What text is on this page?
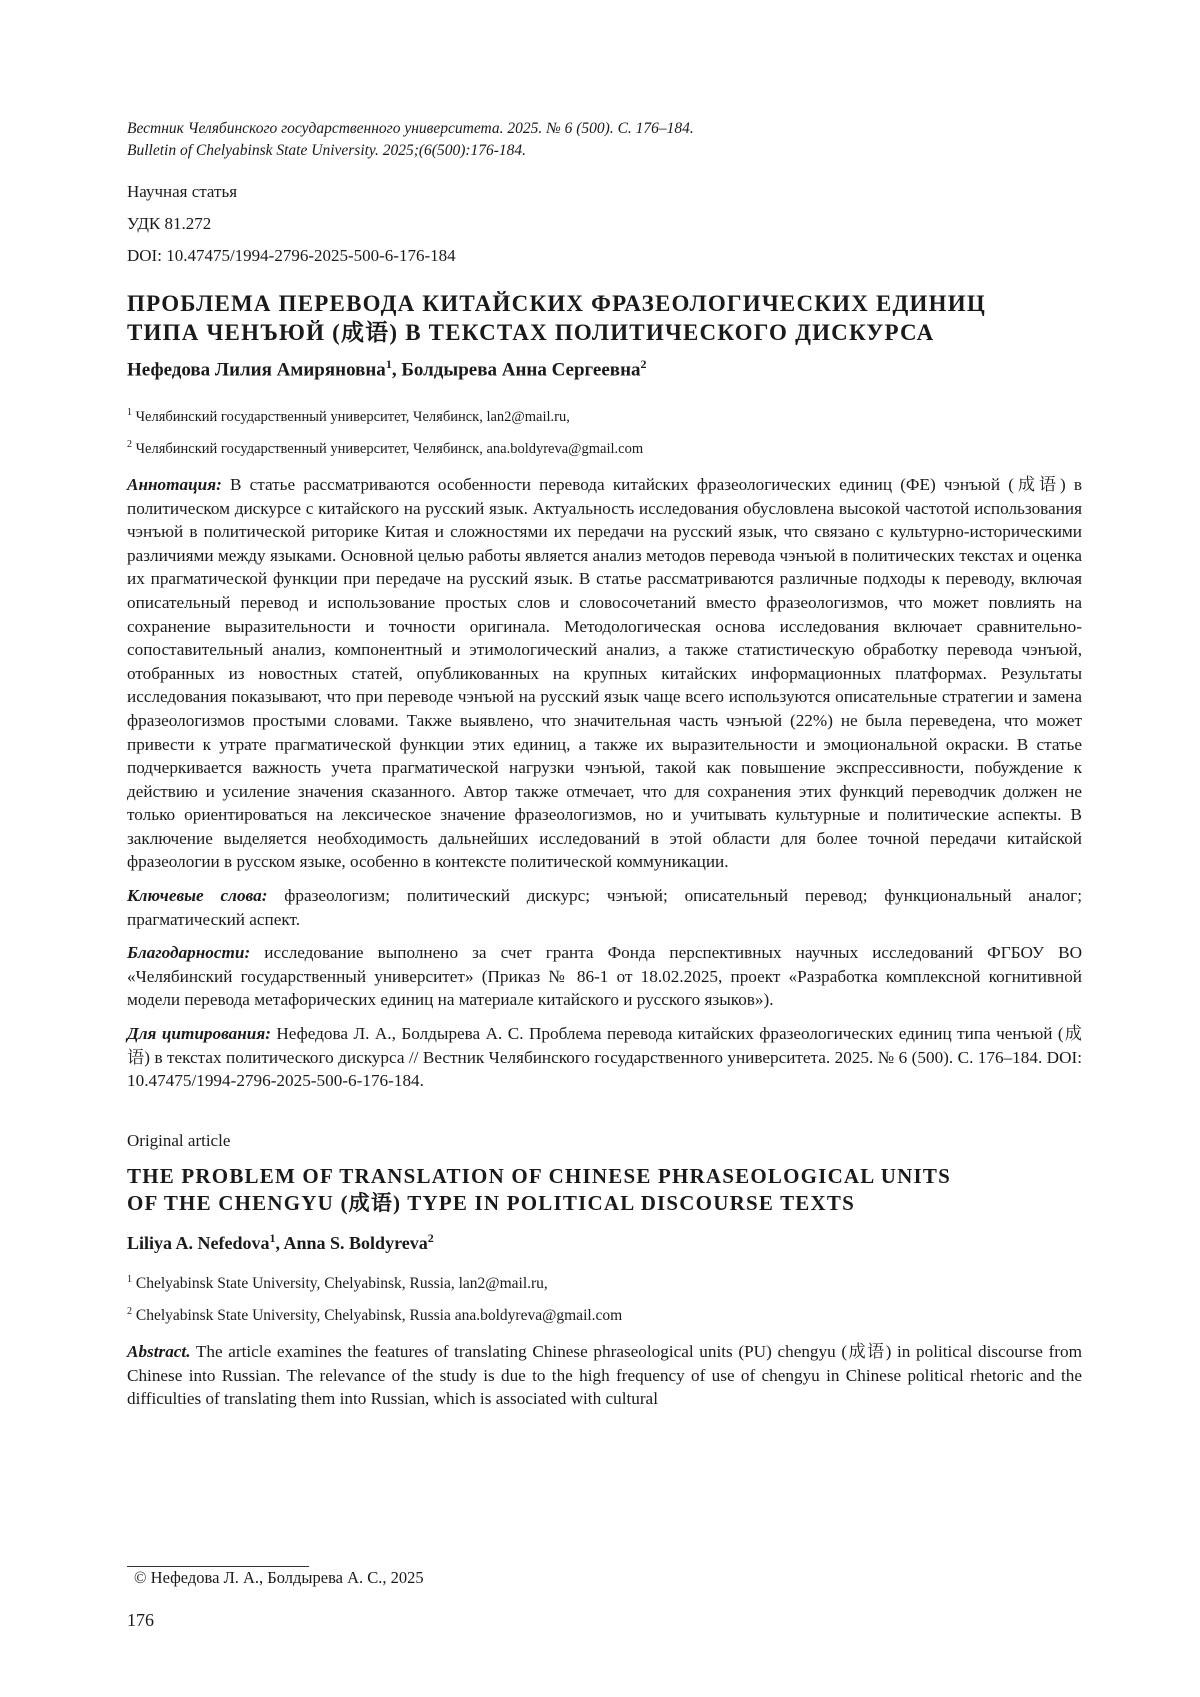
Вестник Челябинского государственного университета. 2025. № 6 (500). С. 176–184.

Bulletin of Chelyabinsk State University. 2025;(6(500):176-184.

Научная статья
УДК 81.272
DOI: 10.47475/1994-2796-2025-500-6-176-184
ПРОБЛЕМА ПЕРЕВОДА КИТАЙСКИХ ФРАЗЕОЛОГИЧЕСКИХ ЕДИНИЦ
ТИПА ЧЕНЪЮЙ (成语) В ТЕКСТАХ ПОЛИТИЧЕСКОГО ДИСКУРСА
Нефедова Лилия Амиряновна$^1$, Болдырева Анна Сергеевна$^2$
$^1$ Челябинский государственный университет, Челябинск, lan2@mail.ru,
$^2$ Челябинский государственный университет, Челябинск, ana.boldyreva@gmail.com

Аннотация: В статье рассматриваются особенности перевода китайских фразеологических единиц (ФЕ) чэнъюй (成语) в политическом дискурсе с китайского на русский язык. Актуальность исследования обусловлена высокой частотой использования чэнъюй в политической риторике Китая и сложностями их передачи на русский язык, что связано с культурно-историческими различиями между языками. Основной целью работы является анализ методов перевода чэнъюй в политических текстах и оценка их прагматической функции при передаче на русский язык. В статье рассматриваются различные подходы к переводу, включая описательный перевод и использование простых слов и словосочетаний вместо фразеологизмов, что может повлиять на сохранение выразительности и точности оригинала. Методологическая основа исследования включает сравнительно-сопоставительный анализ, компонентный и этимологический анализ, а также статистическую обработку перевода чэнъюй, отобранных из новостных статей, опубликованных на крупных китайских информационных платформах. Результаты исследования показывают, что при переводе чэнъюй на русский язык чаще всего используются описательные стратегии и замена фразеологизмов простыми словами. Также выявлено, что значительная часть чэнъюй (22%) не была переведена, что может привести к утрате прагматической функции этих единиц, а также их выразительности и эмоциональной окраски. В статье подчеркивается важность учета прагматической нагрузки чэнъюй, такой как повышение экспрессивности, побуждение к действию и усиление значения сказанного. Автор также отмечает, что для сохранения этих функций переводчик должен не только ориентироваться на лексическое значение фразеологизмов, но и учитывать культурные и политические аспекты. В заключение выделяется необходимость дальнейших исследований в этой области для более точной передачи китайской фразеологии в русском языке, особенно в контексте политической коммуникации.

Ключевые слова: фразеологизм; политический дискурс; чэнъюй; описательный перевод; функциональный аналог; прагматический аспект.

Благодарности: исследование выполнено за счет гранта Фонда перспективных научных исследований ФГБОУ ВО «Челябинский государственный университет» (Приказ № 86-1 от 18.02.2025, проект «Разработка комплексной когнитивной модели перевода метафорических единиц на материале китайского и русского языков»).

Для цитирования: Нефедова Л. А., Болдырева А. С. Проблема перевода китайских фразеологических единиц типа ченъюй (成语) в текстах политического дискурса // Вестник Челябинского государственного университета. 2025. № 6 (500). С. 176–184. DOI: 10.47475/1994-2796-2025-500-6-176-184.

Original article
THE PROBLEM OF TRANSLATION OF CHINESE PHRASEOLOGICAL UNITS
OF THE CHENGYU (成语) TYPE IN POLITICAL DISCOURSE TEXTS
Liliya A. Nefedova$^1$, Anna S. Boldyreva$^2$
$^1$ Chelyabinsk State University, Chelyabinsk, Russia, lan2@mail.ru,
$^2$ Chelyabinsk State University, Chelyabinsk, Russia ana.boldyreva@gmail.com

Abstract. The article examines the features of translating Chinese phraseological units (PU) chengyu (成语) in political discourse from Chinese into Russian. The relevance of the study is due to the high frequency of use of chengyu in Chinese political rhetoric and the difficulties of translating them into Russian, which is associated with cultural

© Нефедова Л. А., Болдырева А. С., 2025
176
